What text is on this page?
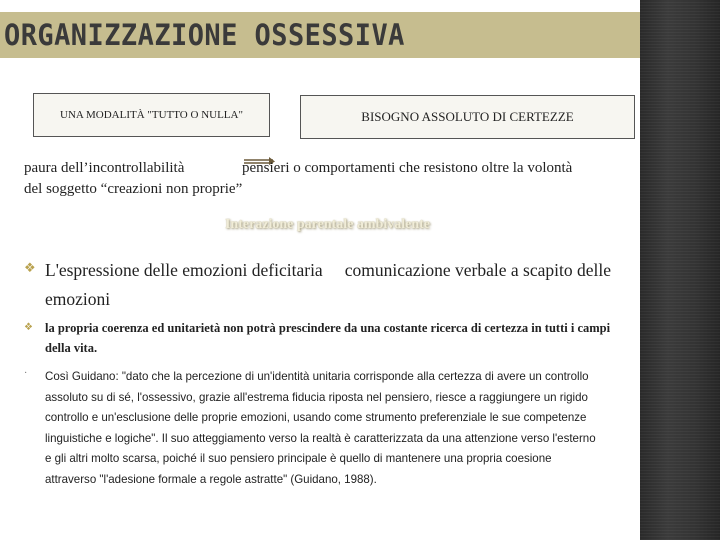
ORGANIZZAZIONE OSSESSIVA
UNA MODALITÀ "TUTTO O NULLA"	BISOGNO ASSOLUTO DI CERTEZZE
paura dell’incontrollabilità	pensieri o comportamenti che resistono oltre la volontà
del soggetto “creazioni non proprie”
Interazione parentale ambivalente
❖ L'espressione delle emozioni deficitaria comunicazione verbale a scapito delle emozioni
❖ la propria coerenza ed unitarietà non potrà prescindere da una costante ricerca di certezza in tutti i campi della vita.
· Così Guidano: "dato che la percezione di un'identità unitaria corrisponde alla certezza di avere un controllo assoluto su di sé, l'ossessivo, grazie all'estrema fiducia riposta nel pensiero, riesce a raggiungere un rigido controllo e un'esclusione delle proprie emozioni, usando come strumento preferenziale le sue competenze linguistiche e logiche". Il suo atteggiamento verso la realtà è caratterizzata da una attenzione verso l'esterno e gli altri molto scarsa, poiché il suo pensiero principale è quello di mantenere una propria coesione attraverso "l'adesione formale a regole astratte" (Guidano, 1988).
